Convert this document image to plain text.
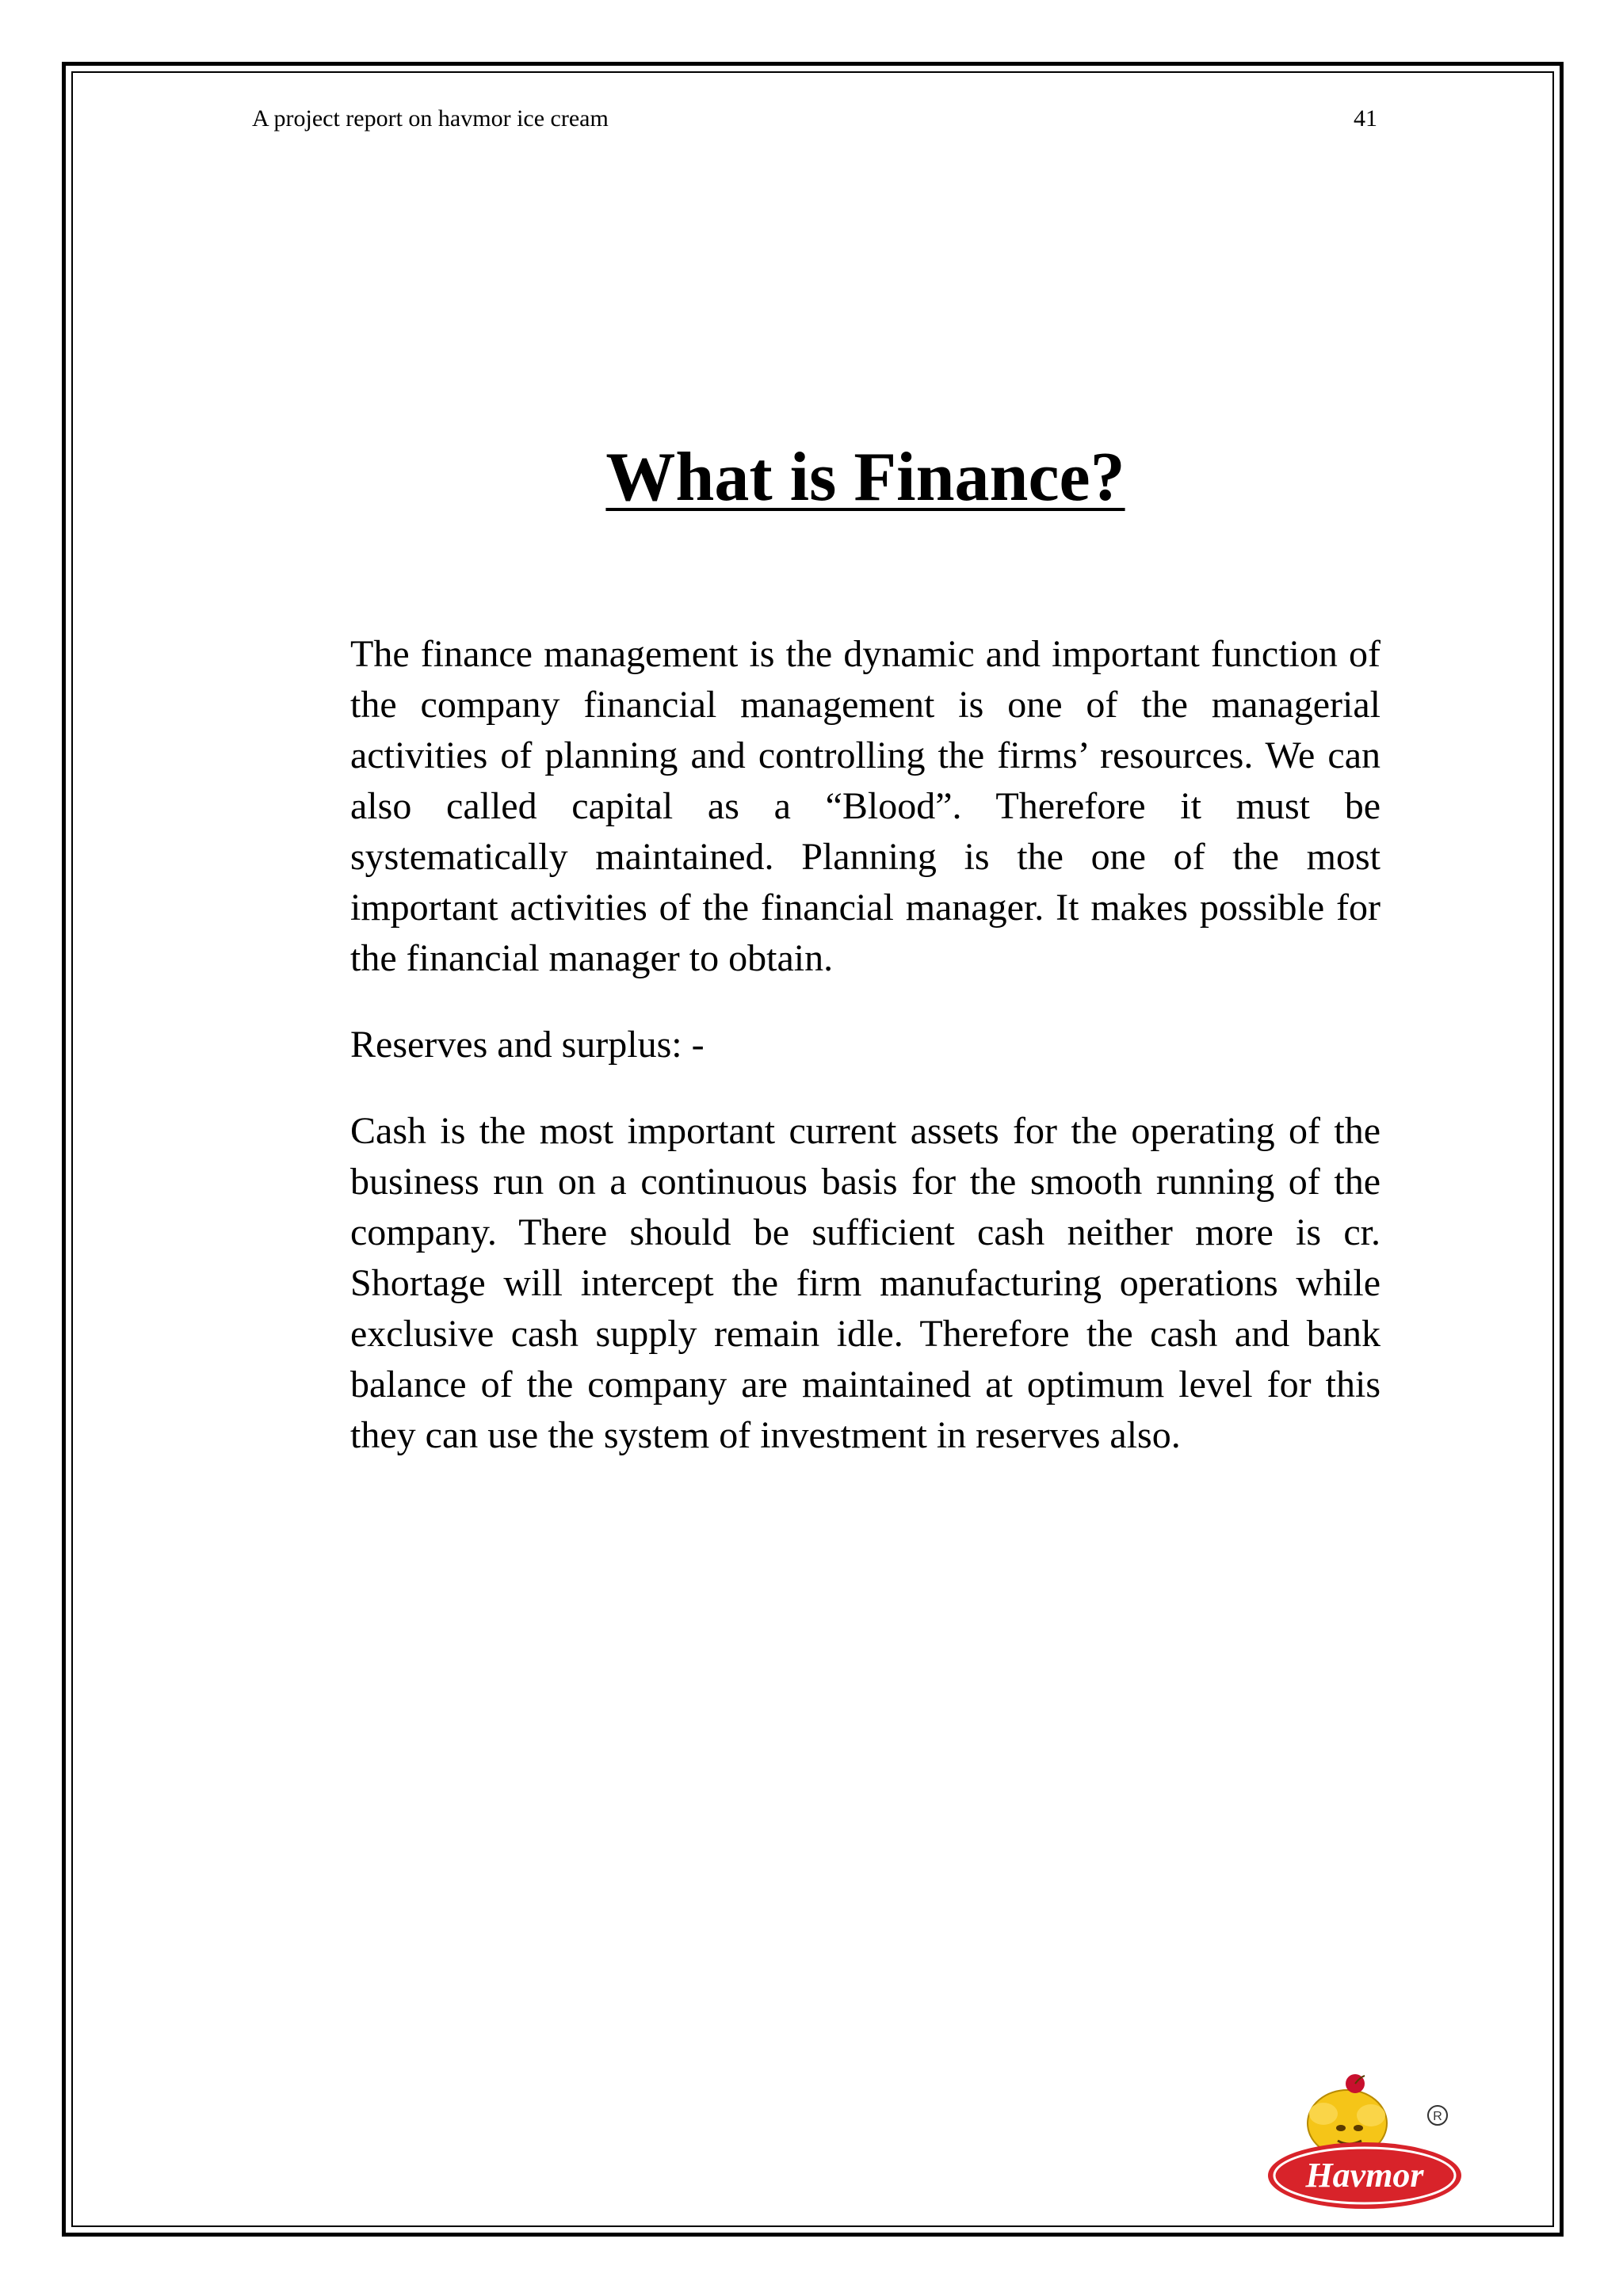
A project report on havmor ice cream	41
What is Finance?

The finance management is the dynamic and important function of the company financial management is one of the managerial activities of planning and controlling the firms’ resources. We can also called capital as a “Blood”. Therefore it must be systematically maintained. Planning is the one of the most important activities of the financial manager. It makes possible for the financial manager to obtain.

Reserves and surplus: -

Cash is the most important current assets for the operating of the business run on a continuous basis for the smooth running of the company. There should be sufficient cash neither more is cr. Shortage will intercept the firm manufacturing operations while exclusive cash supply remain idle. Therefore the cash and bank balance of the company are maintained at optimum level for this they can use the system of investment in reserves also.

R
Havmor
